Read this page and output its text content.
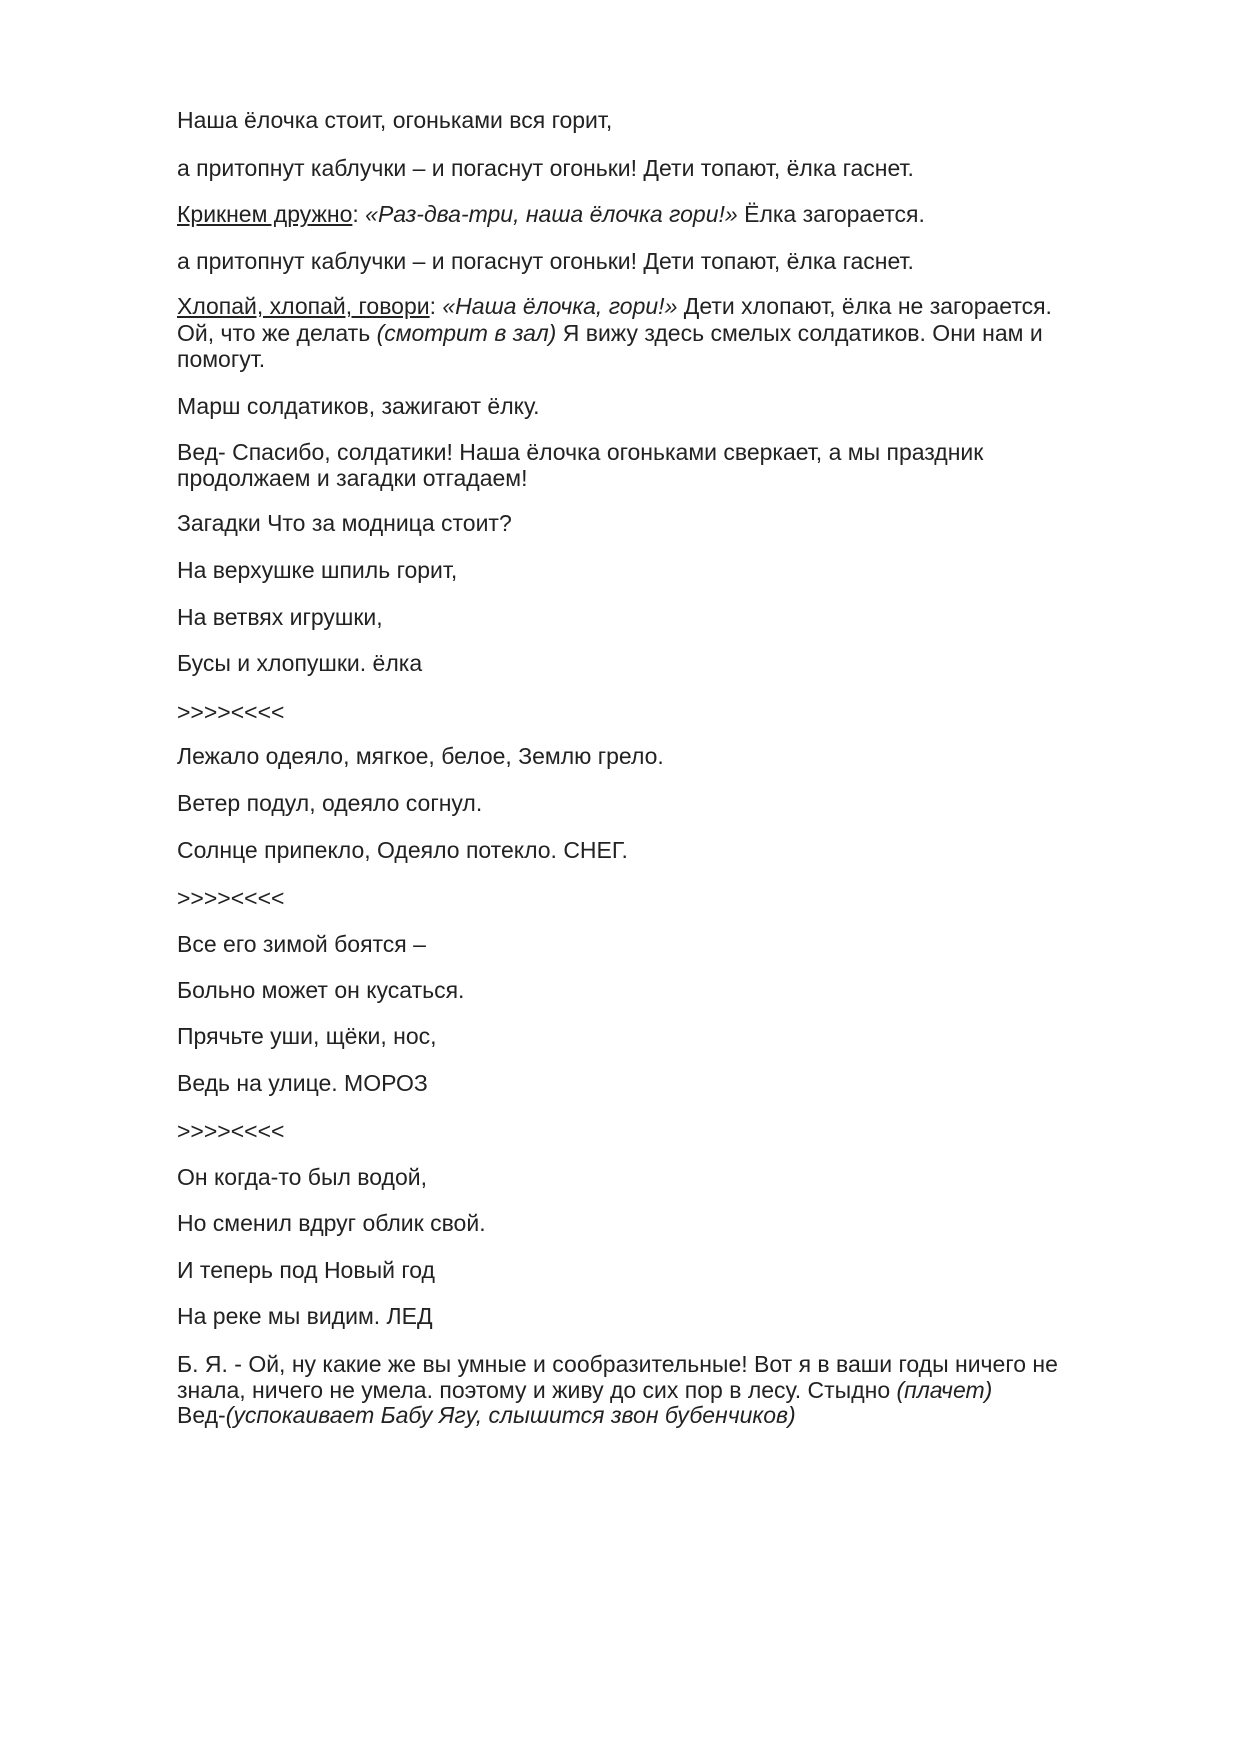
Наша ёлочка стоит, огоньками вся горит,
а притопнут каблучки – и погаснут огоньки! Дети топают, ёлка гаснет.
Крикнем дружно: «Раз-два-три, наша ёлочка гори!» Ёлка загорается.
а притопнут каблучки – и погаснут огоньки! Дети топают, ёлка гаснет.
Хлопай, хлопай, говори: «Наша ёлочка, гори!» Дети хлопают, ёлка не загорается.
Ой, что же делать (смотрит в зал) Я вижу здесь смелых солдатиков. Они нам и
помогут.
Марш солдатиков, зажигают ёлку.
Вед- Спасибо, солдатики! Наша ёлочка огоньками сверкает, а мы праздник
продолжаем и загадки отгадаем!
Загадки Что за модница стоит?
На верхушке шпиль горит,
На ветвях игрушки,
Бусы и хлопушки. ёлка
>>>><<<<
Лежало одеяло, мягкое, белое, Землю грело.
Ветер подул, одеяло согнул.
Солнце припекло, Одеяло потекло. СНЕГ.
>>>><<<<
Все его зимой боятся –
Больно может он кусаться.
Прячьте уши, щёки, нос,
Ведь на улице. МОРОЗ
>>>><<<<
Он когда-то был водой,
Но сменил вдруг облик свой.
И теперь под Новый год
На реке мы видим. ЛЕД
Б. Я. - Ой, ну какие же вы умные и сообразительные! Вот я в ваши годы ничего не
знала, ничего не умела. поэтому и живу до сих пор в лесу. Стыдно (плачет)
Вед-(успокаивает Бабу Ягу, слышится звон бубенчиков)
